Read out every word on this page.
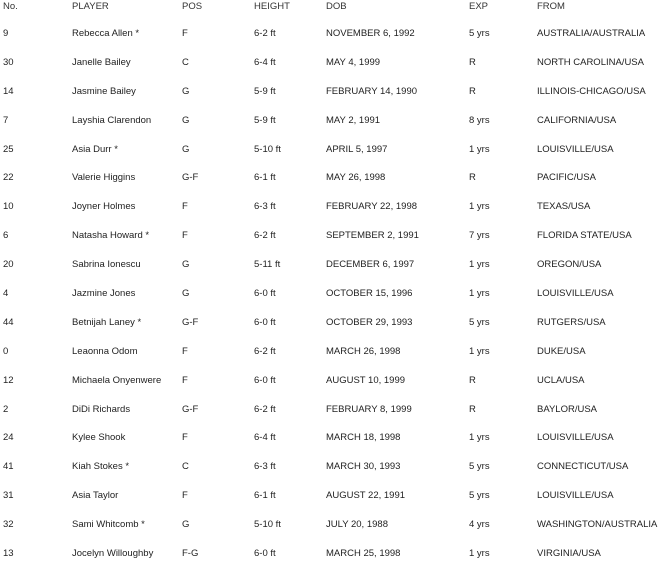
No.	PLAYER	POS	HEIGHT	DOB	EXP	FROM
9	Rebecca Allen *	F	6-2 ft	NOVEMBER 6, 1992	5 yrs	AUSTRALIA/AUSTRALIA
30	Janelle Bailey	C	6-4 ft	MAY 4, 1999	R	NORTH CAROLINA/USA
14	Jasmine Bailey	G	5-9 ft	FEBRUARY 14, 1990	R	ILLINOIS-CHICAGO/USA
7	Layshia Clarendon	G	5-9 ft	MAY 2, 1991	8 yrs	CALIFORNIA/USA
25	Asia Durr *	G	5-10 ft	APRIL 5, 1997	1 yrs	LOUISVILLE/USA
22	Valerie Higgins	G-F	6-1 ft	MAY 26, 1998	R	PACIFIC/USA
10	Joyner Holmes	F	6-3 ft	FEBRUARY 22, 1998	1 yrs	TEXAS/USA
6	Natasha Howard *	F	6-2 ft	SEPTEMBER 2, 1991	7 yrs	FLORIDA STATE/USA
20	Sabrina Ionescu	G	5-11 ft	DECEMBER 6, 1997	1 yrs	OREGON/USA
4	Jazmine Jones	G	6-0 ft	OCTOBER 15, 1996	1 yrs	LOUISVILLE/USA
44	Betnijah Laney *	G-F	6-0 ft	OCTOBER 29, 1993	5 yrs	RUTGERS/USA
0	Leaonna Odom	F	6-2 ft	MARCH 26, 1998	1 yrs	DUKE/USA
12	Michaela Onyenwere	F	6-0 ft	AUGUST 10, 1999	R	UCLA/USA
2	DiDi Richards	G-F	6-2 ft	FEBRUARY 8, 1999	R	BAYLOR/USA
24	Kylee Shook	F	6-4 ft	MARCH 18, 1998	1 yrs	LOUISVILLE/USA
41	Kiah Stokes *	C	6-3 ft	MARCH 30, 1993	5 yrs	CONNECTICUT/USA
31	Asia Taylor	F	6-1 ft	AUGUST 22, 1991	5 yrs	LOUISVILLE/USA
32	Sami Whitcomb *	G	5-10 ft	JULY 20, 1988	4 yrs	WASHINGTON/AUSTRALIA
13	Jocelyn Willoughby	F-G	6-0 ft	MARCH 25, 1998	1 yrs	VIRGINIA/USA
